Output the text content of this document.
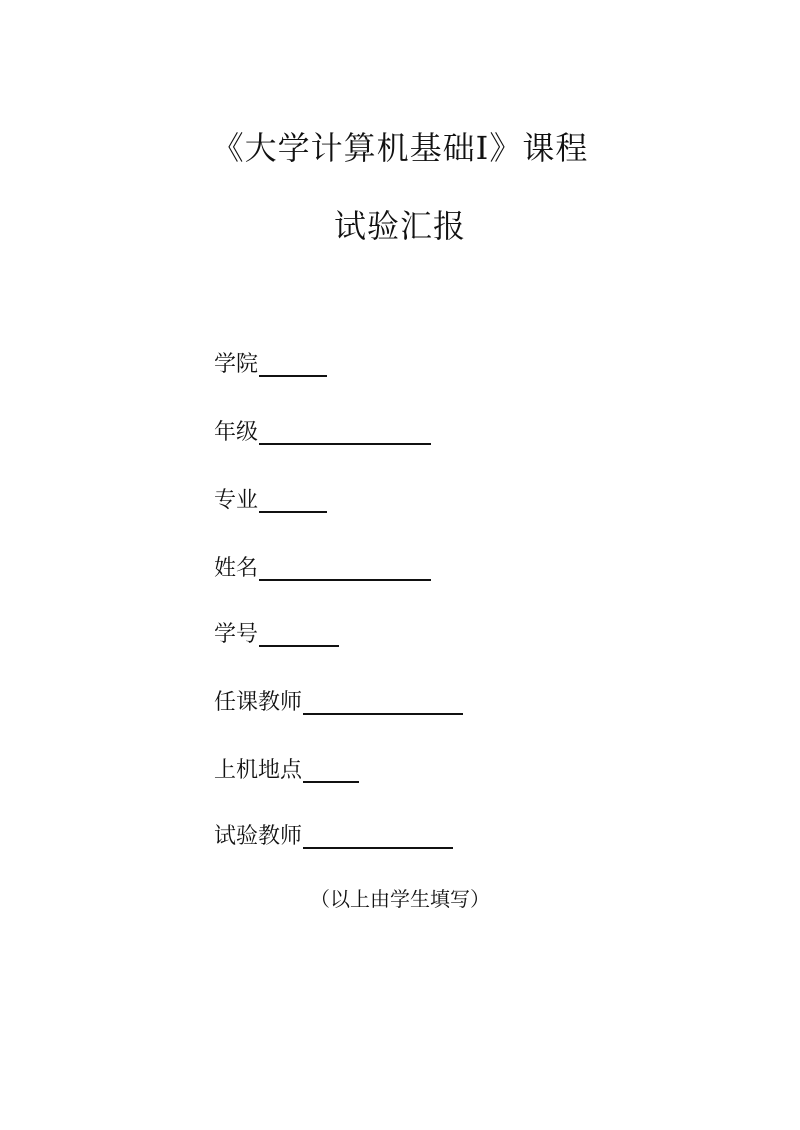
《大学计算机基础Ⅰ》课程
试验汇报
学院
年级
专业
姓名
学号
任课教师
上机地点
试验教师
（以上由学生填写）
